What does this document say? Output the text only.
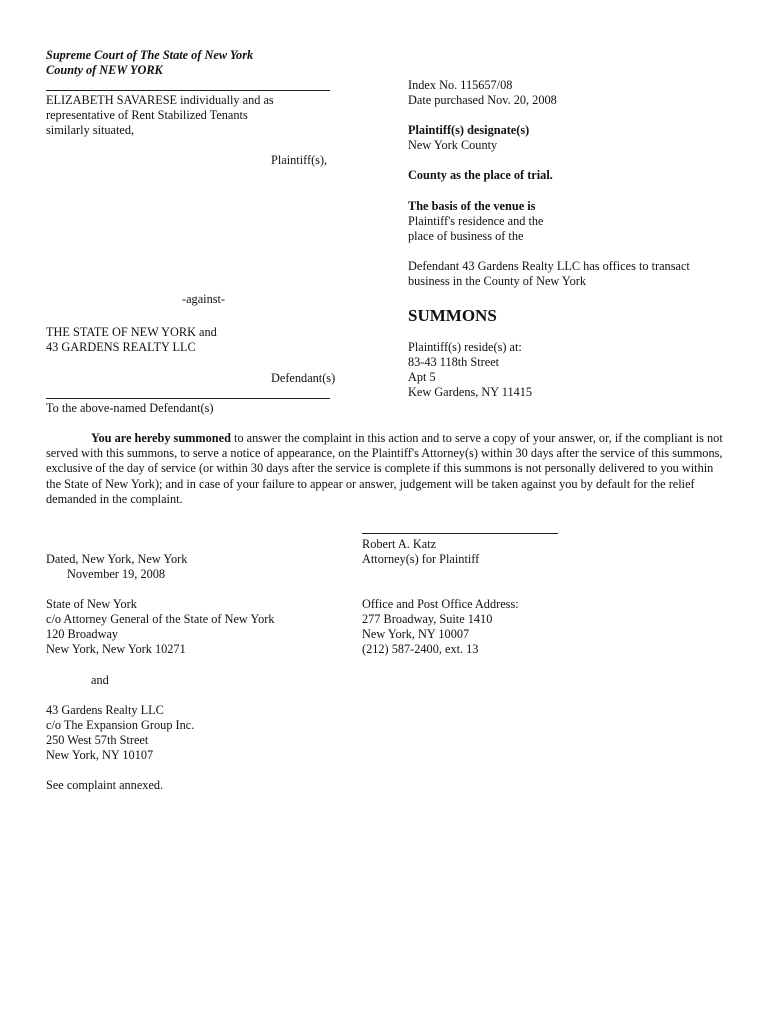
Supreme Court of The State of New York
County of NEW YORK
ELIZABETH SAVARESE individually and as
representative of Rent Stabilized Tenants
similarly situated,
Plaintiff(s),
-against-
THE STATE OF NEW YORK and
43 GARDENS REALTY LLC
Defendant(s)
To the above-named Defendant(s)
Index No. 115657/08
Date purchased Nov. 20, 2008
Plaintiff(s) designate(s)
New York County
County as the place of trial.
The basis of the venue is
Plaintiff's residence and the
place of business of the
Defendant 43 Gardens Realty LLC has offices to transact
business in the County of New York
SUMMONS
Plaintiff(s) reside(s) at:
83-43 118th Street
Apt 5
Kew Gardens, NY 11415
You are hereby summoned to answer the complaint in this action and to serve a copy of your answer, or, if the compliant is not served with this summons, to serve a notice of appearance, on the Plaintiff's Attorney(s) within 30 days after the service of this summons, exclusive of the day of service (or within 30 days after the service is complete if this summons is not personally delivered to you within the State of New York); and in case of your failure to appear or answer, judgement will be taken against you by default for the relief demanded in the complaint.
Robert A. Katz
Attorney(s) for Plaintiff
Dated, New York, New York
November 19, 2008
Office and Post Office Address:
277 Broadway, Suite 1410
New York, NY 10007
(212) 587-2400, ext. 13
State of New York
c/o Attorney General of the State of New York
120 Broadway
New York, New York 10271
and
43 Gardens Realty LLC
c/o The Expansion Group Inc.
250 West 57th Street
New York, NY 10107
See complaint annexed.
